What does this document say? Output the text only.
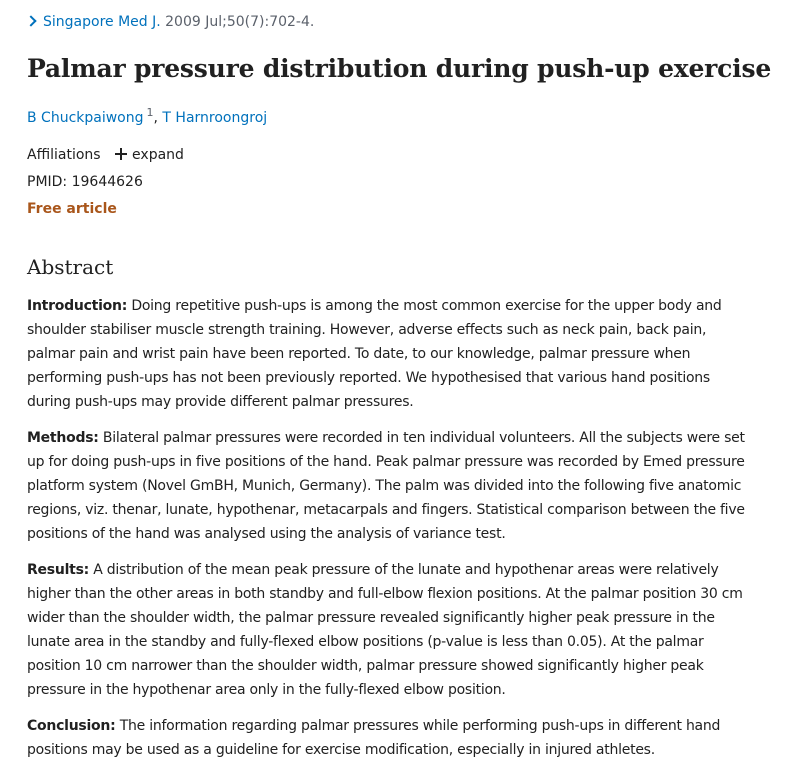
Singapore Med J. 2009 Jul;50(7):702-4.
Palmar pressure distribution during push-up exercise
B Chuckpaiwong $^1$, T Harnroongroj
Affiliations expand
PMID: 19644626
Free article
Abstract

Introduction: Doing repetitive push-ups is among the most common exercise for the upper body and shoulder stabiliser muscle strength training. However, adverse effects such as neck pain, back pain, palmar pain and wrist pain have been reported. To date, to our knowledge, palmar pressure when performing push-ups has not been previously reported. We hypothesised that various hand positions during push-ups may provide different palmar pressures.

Methods: Bilateral palmar pressures were recorded in ten individual volunteers. All the subjects were set up for doing push-ups in five positions of the hand. Peak palmar pressure was recorded by Emed pressure platform system (Novel GmBH, Munich, Germany). The palm was divided into the following five anatomic regions, viz. thenar, lunate, hypothenar, metacarpals and fingers. Statistical comparison between the five positions of the hand was analysed using the analysis of variance test.

Results: A distribution of the mean peak pressure of the lunate and hypothenar areas were relatively higher than the other areas in both standby and full-elbow flexion positions. At the palmar position 30 cm wider than the shoulder width, the palmar pressure revealed significantly higher peak pressure in the lunate area in the standby and fully-flexed elbow positions (p-value is less than 0.05). At the palmar position 10 cm narrower than the shoulder width, palmar pressure showed significantly higher peak pressure in the hypothenar area only in the fully-flexed elbow position.

Conclusion: The information regarding palmar pressures while performing push-ups in different hand positions may be used as a guideline for exercise modification, especially in injured athletes.
